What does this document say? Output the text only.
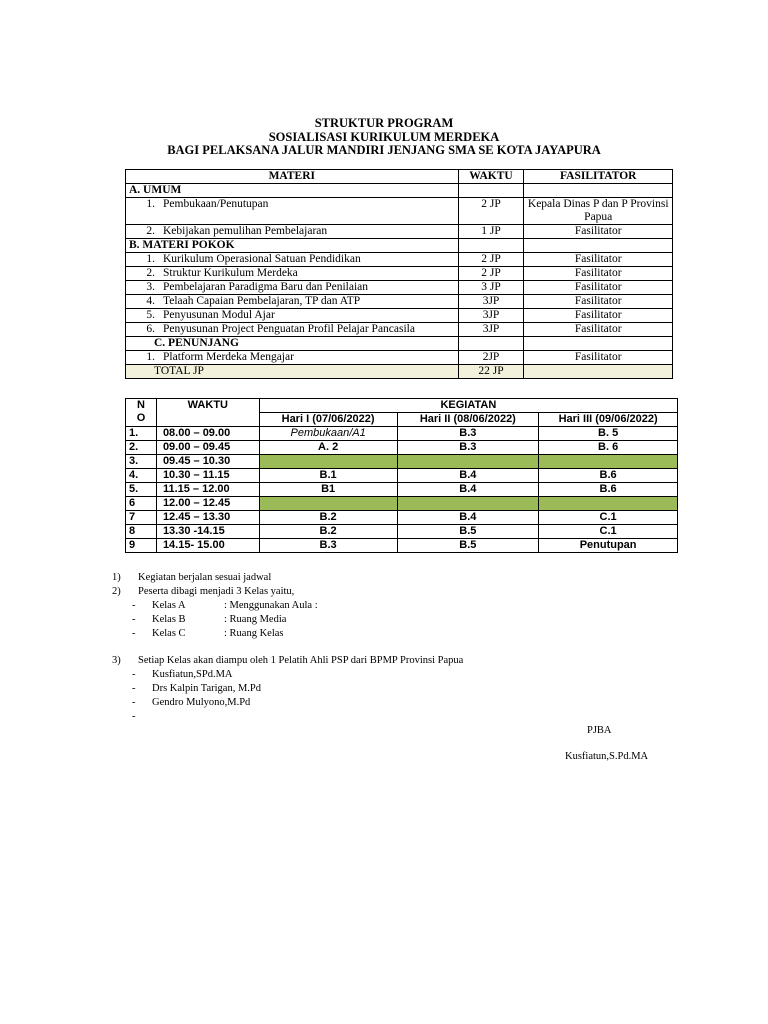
STRUKTUR PROGRAM
SOSIALISASI KURIKULUM MERDEKA
BAGI PELAKSANA JALUR MANDIRI JENJANG SMA SE KOTA JAYAPURA
MATERI	WAKTU	FASILITATOR
A. UMUM		
1. Pembukaan/Penutupan	2 JP	Kepala Dinas P dan P Provinsi Papua
2. Kebijakan pemulihan Pembelajaran	1 JP	Fasilitator
B. MATERI POKOK		
1. Kurikulum Operasional Satuan Pendidikan	2 JP	Fasilitator
2. Struktur Kurikulum Merdeka	2 JP	Fasilitator
3. Pembelajaran Paradigma Baru dan Penilaian	3 JP	Fasilitator
4. Telaah Capaian Pembelajaran, TP dan ATP	3JP	Fasilitator
5. Penyusunan Modul Ajar	3JP	Fasilitator
6. Penyusunan Project Penguatan Profil Pelajar Pancasila	3JP	Fasilitator
C. PENUNJANG		
1. Platform Merdeka Mengajar	2JP	Fasilitator
TOTAL JP	22 JP	
N
O	WAKTU	KEGIATAN		
		Hari I (07/06/2022)	Hari II (08/06/2022)	Hari III (09/06/2022)
1.	08.00 – 09.00	Pembukaan/A1	B.3	B. 5
2.	09.00 – 09.45	A. 2	B.3	B. 6
3.	09.45 – 10.30			
4.	10.30 – 11.15	B.1	B.4	B.6
5.	11.15 – 12.00	B1	B.4	B.6
6	12.00 – 12.45			
7	12.45 – 13.30	B.2	B.4	C.1
8	13.30 -14.15	B.2	B.5	C.1
9	14.15- 15.00	B.3	B.5	Penutupan
1)	Kegiatan berjalan sesuai jadwal
2)	Peserta dibagi menjadi 3 Kelas yaitu,
-	Kelas A	: Menggunakan Aula :
-	Kelas B	: Ruang Media
-	Kelas C	: Ruang Kelas
3)	Setiap Kelas akan diampu oleh 1 Pelatih Ahli PSP dari BPMP Provinsi Papua
-	Kusfiatun,SPd.MA
-	Drs Kalpin Tarigan, M.Pd
-	Gendro Mulyono,M.Pd
-
PJBA
Kusfiatun,S.Pd.MA
